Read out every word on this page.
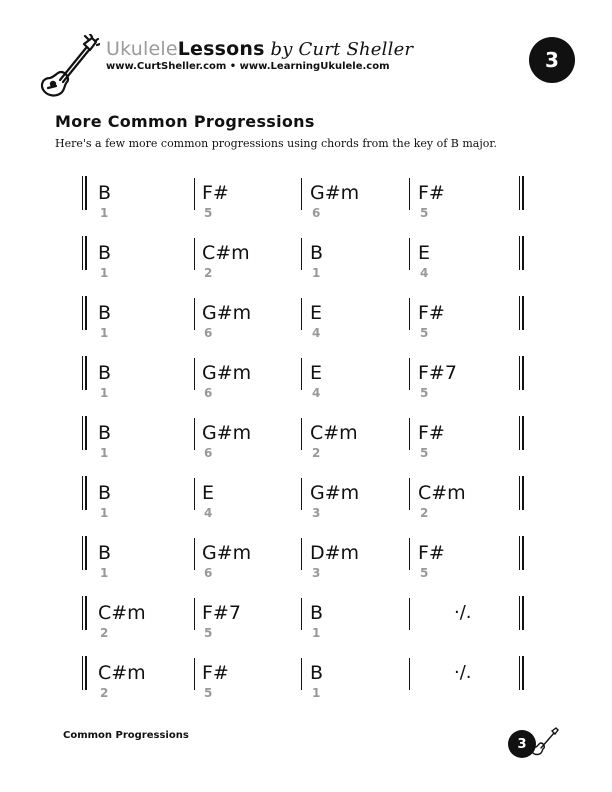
UkuleleLessons by Curt Sheller
www.CurtSheller.com • www.LearningUkulele.com	3
More Common Progressions
Here's a few more common progressions using chords from the key of B major.
B
1
F#
5
G#m
6
F#
5
B
1
C#m
2
B
1
E
4
B
1
G#m
6
E
4
F#
5
B
1
G#m
6
E
4
F#7
5
B
1
G#m
6
C#m
2
F#
5
B
1
E
4
G#m
3
C#m
2
B
1
G#m
6
D#m
3
F#
5
C#m
2
F#7
5
B
1
·/.
C#m
2
F#
5
B
1
·/.
Common Progressions
3
